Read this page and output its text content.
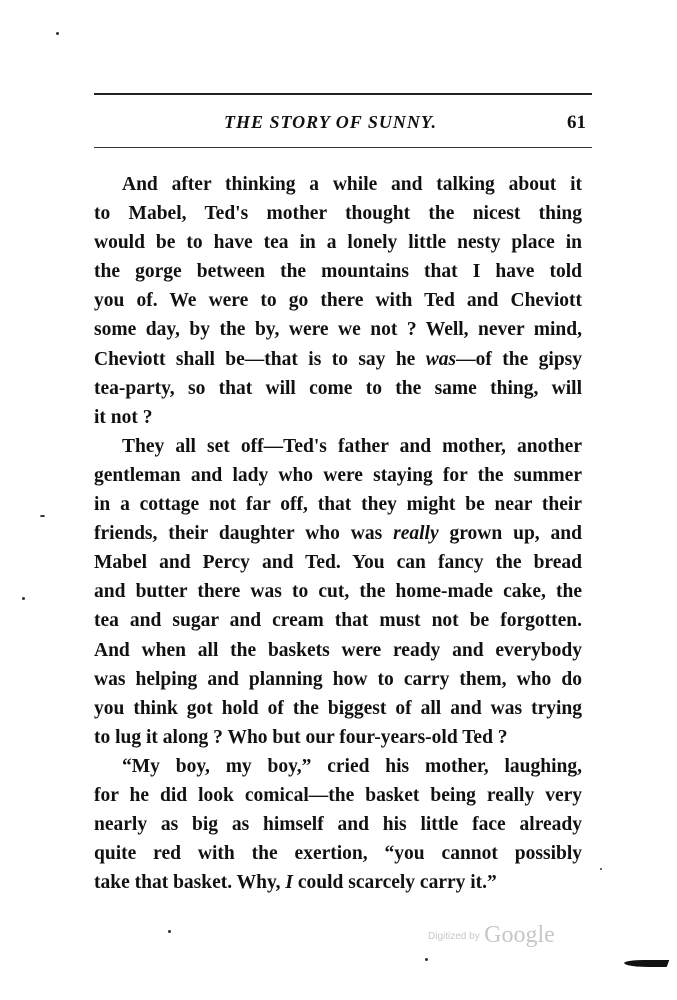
THE STORY OF SUNNY.	61
And after thinking a while and talking about it
to Mabel, Ted's mother thought the nicest thing
would be to have tea in a lonely little nesty place in
the gorge between the mountains that I have told
you of. We were to go there with Ted and Cheviott
some day, by the by, were we not ? Well, never mind,
Cheviott shall be—that is to say he was—of the gipsy
tea-party, so that will come to the same thing, will
it not ?
They all set off—Ted's father and mother, another
gentleman and lady who were staying for the summer
in a cottage not far off, that they might be near their
friends, their daughter who was really grown up, and
Mabel and Percy and Ted. You can fancy the bread
and butter there was to cut, the home-made cake, the
tea and sugar and cream that must not be forgotten.
And when all the baskets were ready and everybody
was helping and planning how to carry them, who do
you think got hold of the biggest of all and was trying
to lug it along ? Who but our four-years-old Ted ?
“My boy, my boy,” cried his mother, laughing,
for he did look comical—the basket being really very
nearly as big as himself and his little face already
quite red with the exertion, “you cannot possibly
take that basket. Why, I could scarcely carry it.”
Digitized by Google
